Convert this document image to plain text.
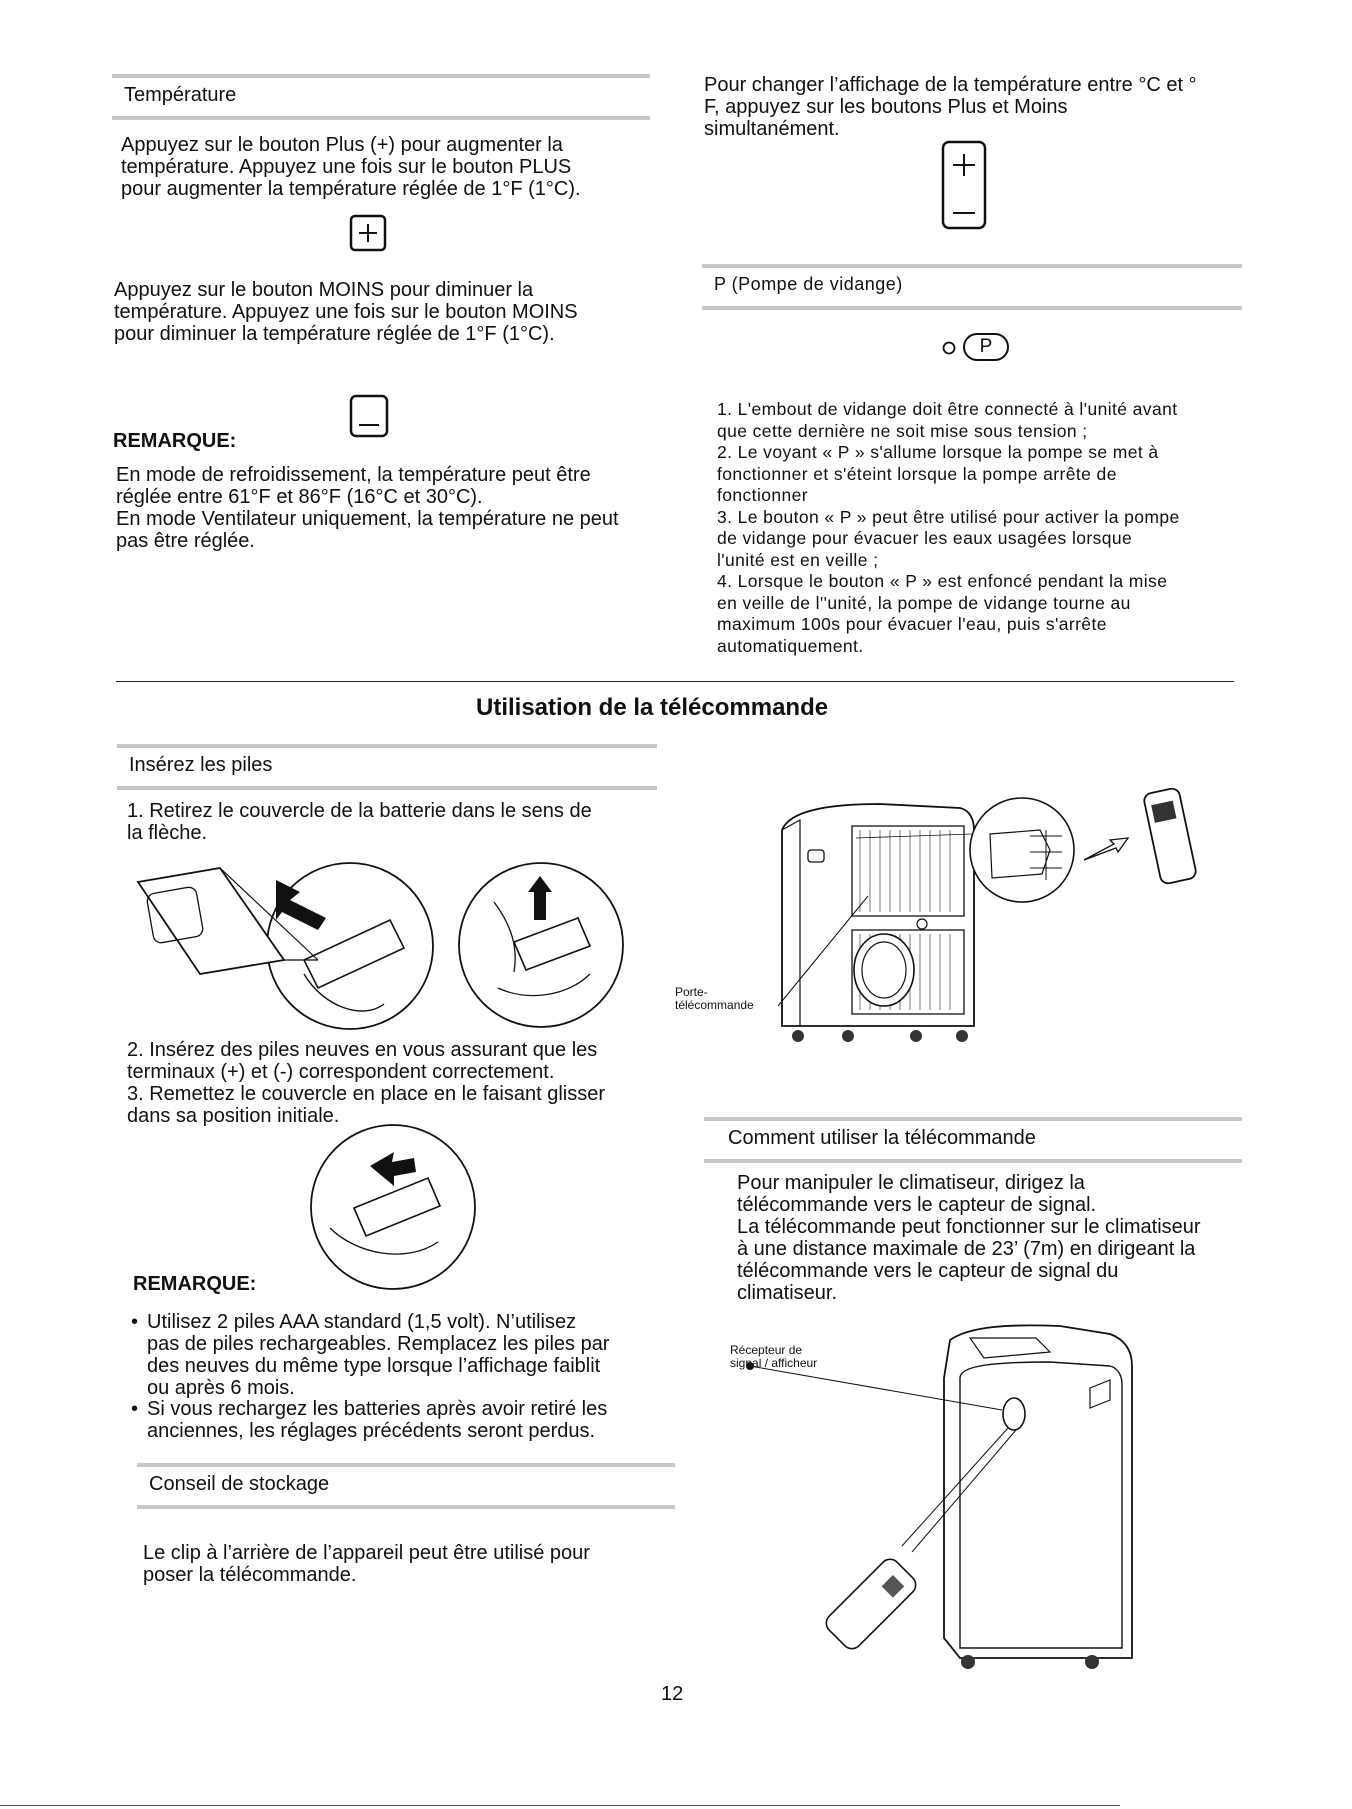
Température
Appuyez sur le bouton Plus (+) pour augmenter la
température. Appuyez une fois sur le bouton PLUS
pour augmenter la température réglée de 1°F (1°C).
Appuyez sur le bouton MOINS pour diminuer la
température. Appuyez une fois sur le bouton MOINS
pour diminuer la température réglée de 1°F (1°C).
REMARQUE:
En mode de refroidissement, la température peut être
réglée entre 61°F et 86°F (16°C et 30°C).
En mode Ventilateur uniquement, la température ne peut
pas être réglée.
Pour changer l’affichage de la température entre °C et °
F, appuyez sur les boutons Plus et Moins
simultanément.
P (Pompe de vidange)
P
1. L'embout de vidange doit être connecté à l'unité avant
que cette dernière ne soit mise sous tension ;
2. Le voyant « P » s'allume lorsque la pompe se met à
fonctionner et s'éteint lorsque la pompe arrête de
fonctionner
3. Le bouton « P » peut être utilisé pour activer la pompe
de vidange pour évacuer les eaux usagées lorsque
l'unité est en veille ;
4. Lorsque le bouton « P » est enfoncé pendant la mise
en veille de l''unité, la pompe de vidange tourne au
maximum 100s pour évacuer l'eau, puis s'arrête
automatiquement.
Utilisation de la télécommande
Insérez les piles
1. Retirez le couvercle de la batterie dans le sens de
la flèche.
2. Insérez des piles neuves en vous assurant que les
terminaux (+) et (-) correspondent correctement.
3. Remettez le couvercle en place en le faisant glisser
dans sa position initiale.
REMARQUE:
• Utilisez 2 piles AAA standard (1,5 volt). N’utilisez
pas de piles rechargeables. Remplacez les piles par
des neuves du même type lorsque l’affichage faiblit
ou après 6 mois.
• Si vous rechargez les batteries après avoir retiré les
anciennes, les réglages précédents seront perdus.
Conseil de stockage
Le clip à l’arrière de l’appareil peut être utilisé pour
poser la télécommande.
Porte-
télécommande
Comment utiliser la télécommande
Pour manipuler le climatiseur, dirigez la
télécommande vers le capteur de signal.
La télécommande peut fonctionner sur le climatiseur
à une distance maximale de 23’ (7m) en dirigeant la
télécommande vers le capteur de signal du
climatiseur.
Récepteur de
signal / afficheur
12
